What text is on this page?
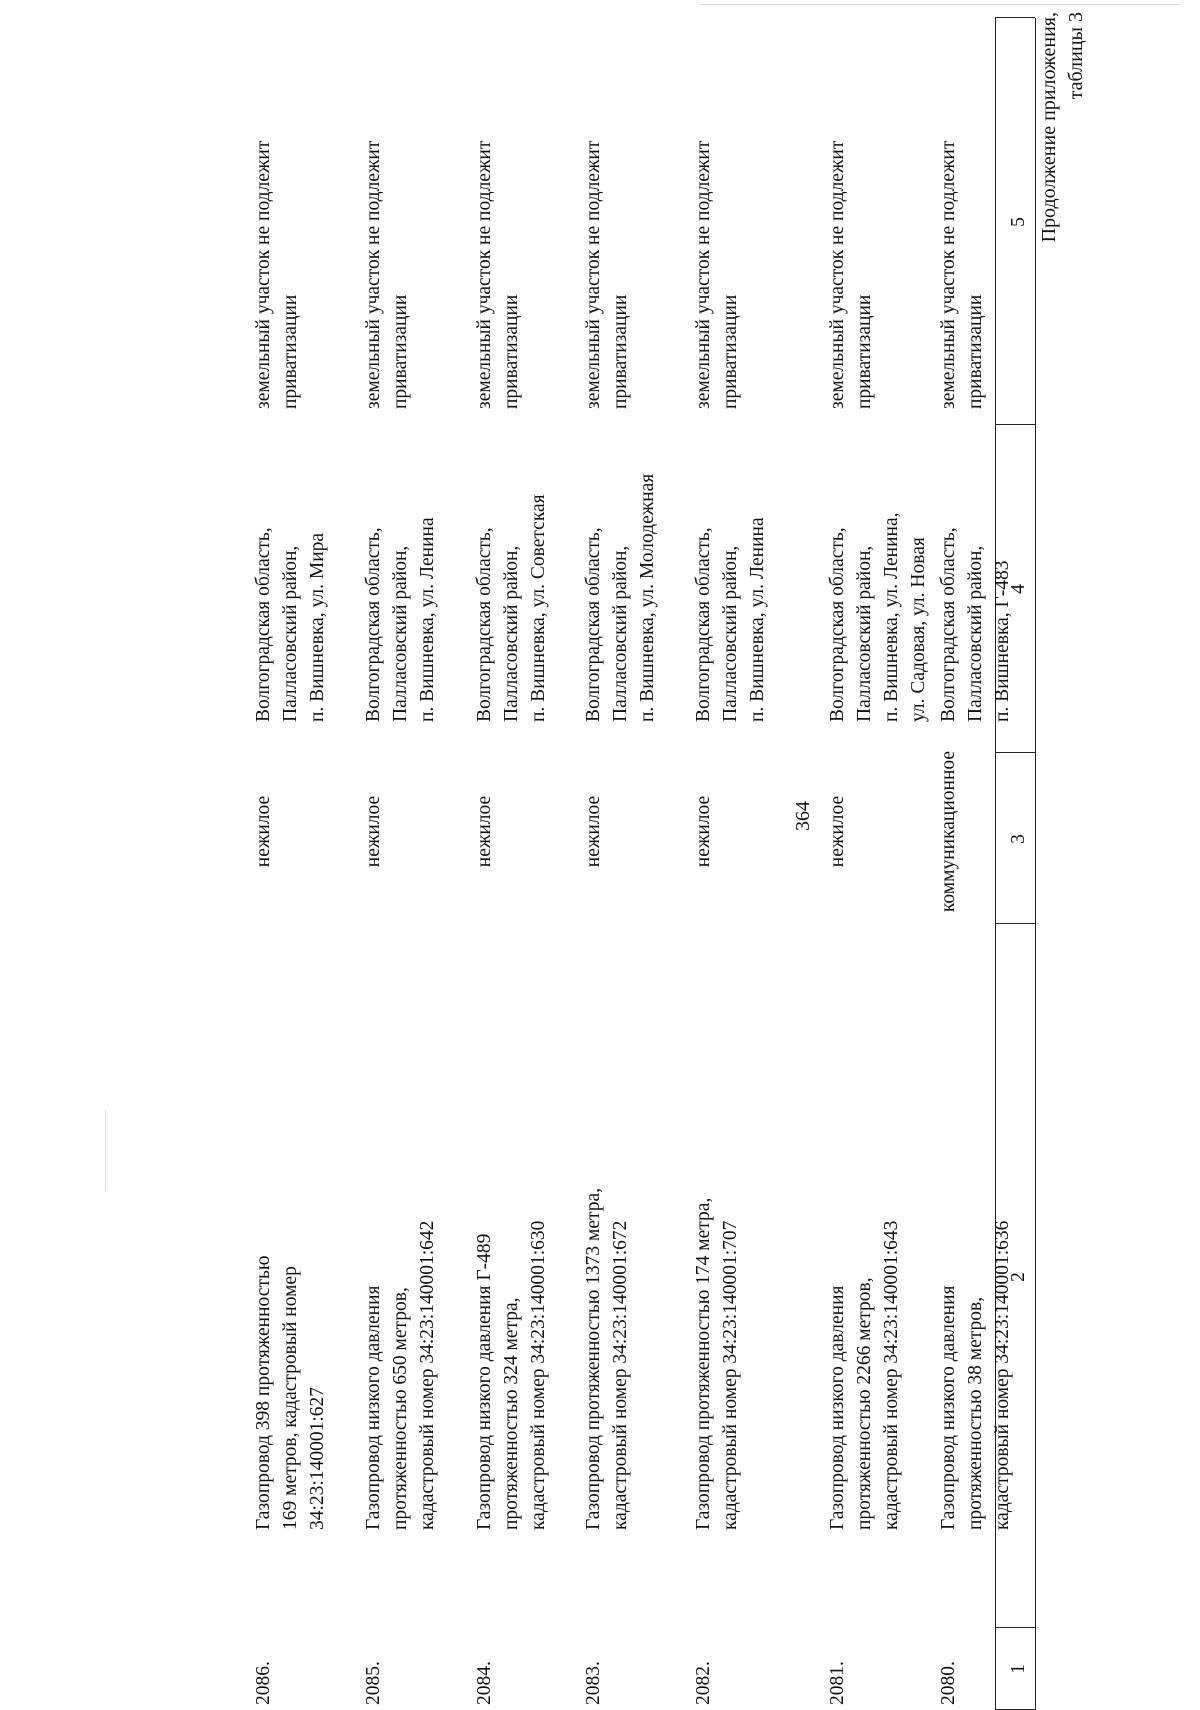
364
Продолжение приложения, таблицы 3
1
2
3
4
5
2080.
Газопровод низкого давления протяженностью 38 метров, кадастровый номер 34:23:140001:636
коммуникационное
Волгоградская область, Палласовский район, п. Вишневка, Г-483
земельный участок не подлежит приватизации
2081.
Газопровод низкого давления протяженностью 2266 метров, кадастровый номер 34:23:140001:643
нежилое
Волгоградская область, Палласовский район, п. Вишневка, ул. Ленина, ул. Садовая, ул. Новая
земельный участок не подлежит приватизации
2082.
Газопровод протяженностью 174 метра, кадастровый номер 34:23:140001:707
нежилое
Волгоградская область, Палласовский район, п. Вишневка, ул. Ленина
земельный участок не подлежит приватизации
2083.
Газопровод протяженностью 1373 метра, кадастровый номер 34:23:140001:672
нежилое
Волгоградская область, Палласовский район, п. Вишневка, ул. Молодежная
земельный участок не подлежит приватизации
2084.
Газопровод низкого давления Г-489 протяженностью 324 метра, кадастровый номер 34:23:140001:630
нежилое
Волгоградская область, Палласовский район, п. Вишневка, ул. Советская
земельный участок не подлежит приватизации
2085.
Газопровод низкого давления протяженностью 650 метров, кадастровый номер 34:23:140001:642
нежилое
Волгоградская область, Палласовский район, п. Вишневка, ул. Ленина
земельный участок не подлежит приватизации
2086.
Газопровод 398 протяженностью 169 метров, кадастровый номер 34:23:140001:627
нежилое
Волгоградская область, Палласовский район, п. Вишневка, ул. Мира
земельный участок не подлежит приватизации
